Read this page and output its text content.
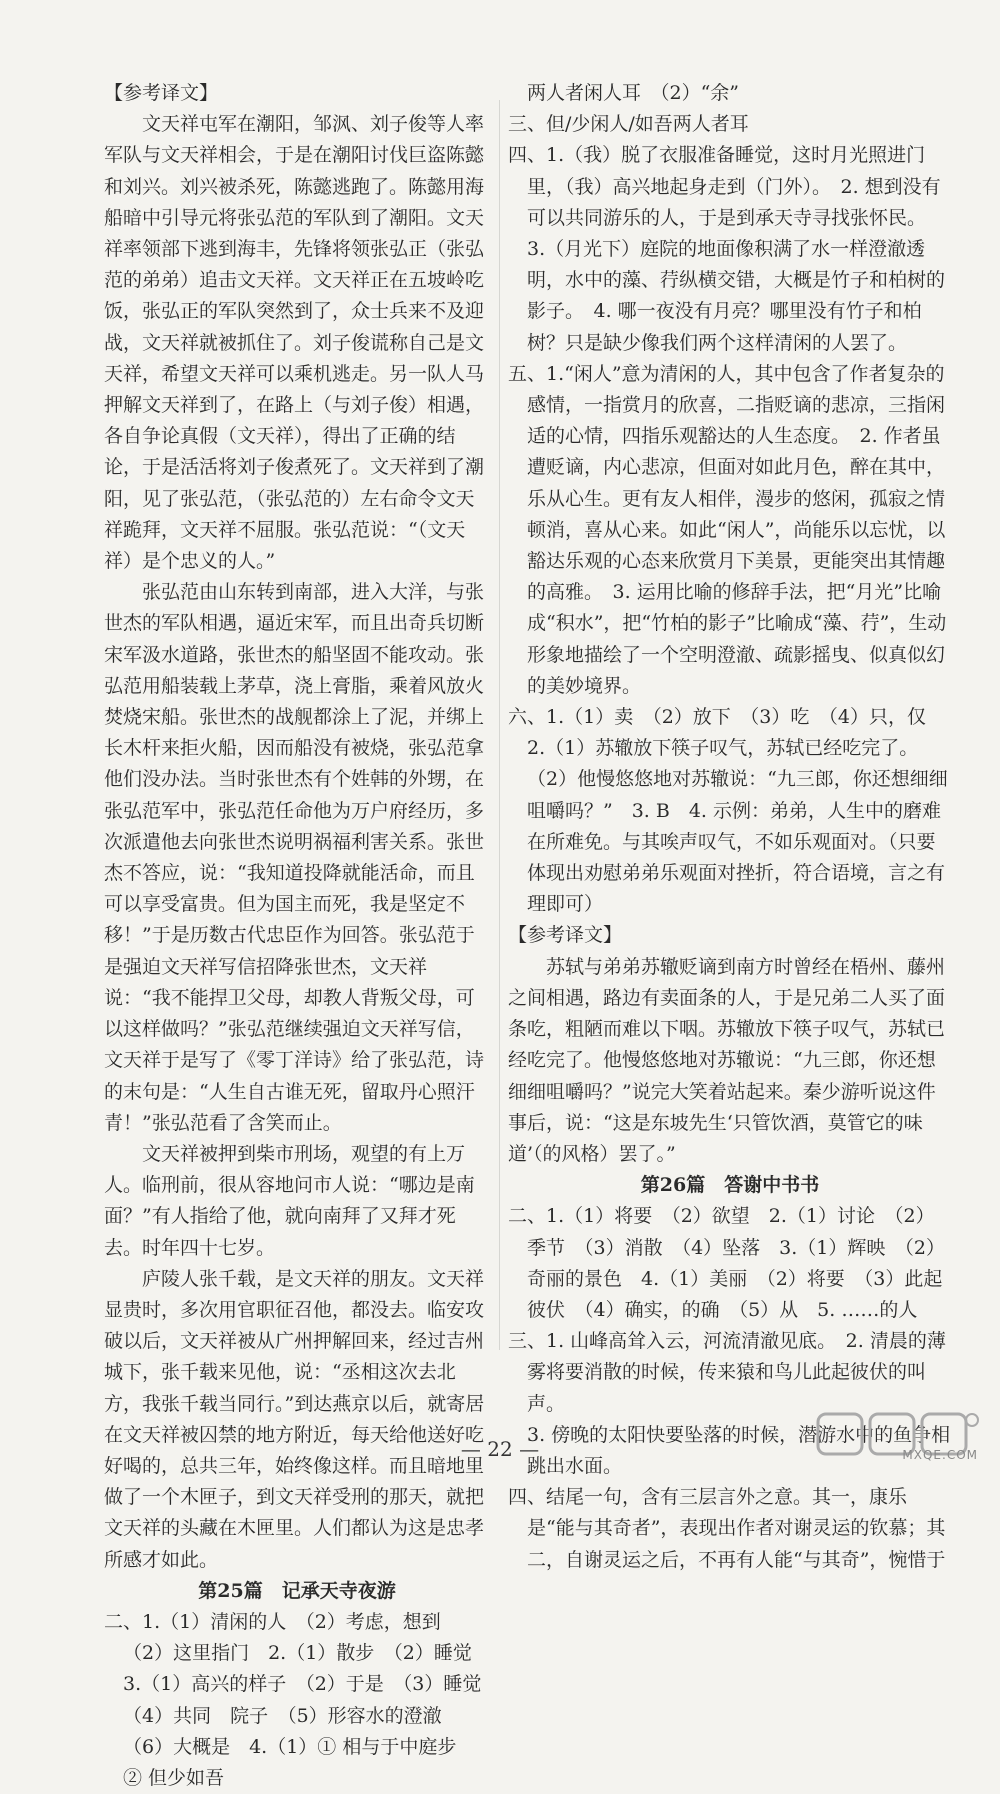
【参考译文】

文天祥屯军在潮阳，邹沨、刘子俊等人率军队与文天祥相会，于是在潮阳讨伐巨盗陈懿和刘兴。刘兴被杀死，陈懿逃跑了。陈懿用海船暗中引导元将张弘范的军队到了潮阳。文天祥率领部下逃到海丰，先锋将领张弘正（张弘范的弟弟）追击文天祥。文天祥正在五坡岭吃饭，张弘正的军队突然到了，众士兵来不及迎战，文天祥就被抓住了。刘子俊谎称自己是文天祥，希望文天祥可以乘机逃走。另一队人马押解文天祥到了，在路上（与刘子俊）相遇，各自争论真假（文天祥），得出了正确的结论，于是活活将刘子俊煮死了。文天祥到了潮阳，见了张弘范，（张弘范的）左右命令文天祥跪拜，文天祥不屈服。张弘范说：“（文天祥）是个忠义的人。”

张弘范由山东转到南部，进入大洋，与张世杰的军队相遇，逼近宋军，而且出奇兵切断宋军汲水道路，张世杰的船坚固不能攻动。张弘范用船装载上茅草，浇上膏脂，乘着风放火焚烧宋船。张世杰的战舰都涂上了泥，并绑上长木杆来拒火船，因而船没有被烧，张弘范拿他们没办法。当时张世杰有个姓韩的外甥，在张弘范军中，张弘范任命他为万户府经历，多次派遣他去向张世杰说明祸福利害关系。张世杰不答应，说：“我知道投降就能活命，而且可以享受富贵。但为国主而死，我是坚定不移！”于是历数古代忠臣作为回答。张弘范于是强迫文天祥写信招降张世杰，文天祥说：“我不能捍卫父母，却教人背叛父母，可以这样做吗？”张弘范继续强迫文天祥写信，文天祥于是写了《零丁洋诗》给了张弘范，诗的末句是：“人生自古谁无死，留取丹心照汗青！”张弘范看了含笑而止。

文天祥被押到柴市刑场，观望的有上万人。临刑前，很从容地问市人说：“哪边是南面？”有人指给了他，就向南拜了又拜才死去。时年四十七岁。

庐陵人张千载，是文天祥的朋友。文天祥显贵时，多次用官职征召他，都没去。临安攻破以后，文天祥被从广州押解回来，经过吉州城下，张千载来见他，说：“丞相这次去北方，我张千载当同行。”到达燕京以后，就寄居在文天祥被囚禁的地方附近，每天给他送好吃好喝的，总共三年，始终像这样。而且暗地里做了一个木匣子，到文天祥受刑的那天，就把文天祥的头藏在木匣里。人们都认为这是忠孝所感才如此。

第25篇　记承天寺夜游

二、1.（1）清闲的人　（2）考虑，想到　（2）这里指门　2.（1）散步　（2）睡觉　3.（1）高兴的样子　（2）于是　（3）睡觉　（4）共同　院子　（5）形容水的澄澈　（6）大概是　4.（1）① 相与于中庭步　② 但少如吾

两人者闲人耳　（2）“余”

三、但/少闲人/如吾两人者耳

四、1.（我）脱了衣服准备睡觉，这时月光照进门里，（我）高兴地起身走到（门外）。　2. 想到没有可以共同游乐的人，于是到承天寺寻找张怀民。　3.（月光下）庭院的地面像积满了水一样澄澈透明，水中的藻、荇纵横交错，大概是竹子和柏树的影子。　4. 哪一夜没有月亮？哪里没有竹子和柏树？只是缺少像我们两个这样清闲的人罢了。

五、1.“闲人”意为清闲的人，其中包含了作者复杂的感情，一指赏月的欣喜，二指贬谪的悲凉，三指闲适的心情，四指乐观豁达的人生态度。　2. 作者虽遭贬谪，内心悲凉，但面对如此月色，醉在其中，乐从心生。更有友人相伴，漫步的悠闲，孤寂之情顿消，喜从心来。如此“闲人”，尚能乐以忘忧，以豁达乐观的心态来欣赏月下美景，更能突出其情趣的高雅。　3. 运用比喻的修辞手法，把“月光”比喻成“积水”，把“竹柏的影子”比喻成“藻、荇”，生动形象地描绘了一个空明澄澈、疏影摇曳、似真似幻的美妙境界。

六、1.（1）卖　（2）放下　（3）吃　（4）只，仅　2.（1）苏辙放下筷子叹气，苏轼已经吃完了。　（2）他慢悠悠地对苏辙说：“九三郎，你还想细细咀嚼吗？”　3. B　4. 示例：弟弟，人生中的磨难在所难免。与其唉声叹气，不如乐观面对。（只要体现出劝慰弟弟乐观面对挫折，符合语境，言之有理即可）

【参考译文】

苏轼与弟弟苏辙贬谪到南方时曾经在梧州、藤州之间相遇，路边有卖面条的人，于是兄弟二人买了面条吃，粗陋而难以下咽。苏辙放下筷子叹气，苏轼已经吃完了。他慢悠悠地对苏辙说：“九三郎，你还想细细咀嚼吗？”说完大笑着站起来。秦少游听说这件事后，说：“这是东坡先生‘只管饮酒，莫管它的味道’（的风格）罢了。”

第26篇　答谢中书书

二、1.（1）将要　（2）欲望　2.（1）讨论　（2）季节　（3）消散　（4）坠落　3.（1）辉映　（2）奇丽的景色　4.（1）美丽　（2）将要　（3）此起彼伏　（4）确实，的确　（5）从　5. ……的人

三、1. 山峰高耸入云，河流清澈见底。　2. 清晨的薄雾将要消散的时候，传来猿和鸟儿此起彼伏的叫声。

3. 傍晚的太阳快要坠落的时候，潜游水中的鱼争相跳出水面。

四、结尾一句，含有三层言外之意。其一，康乐是“能与其奇者”，表现出作者对谢灵运的钦慕；其二，自谢灵运之后，不再有人能“与其奇”，惋惜于

— 22 —	MXQE.COM
